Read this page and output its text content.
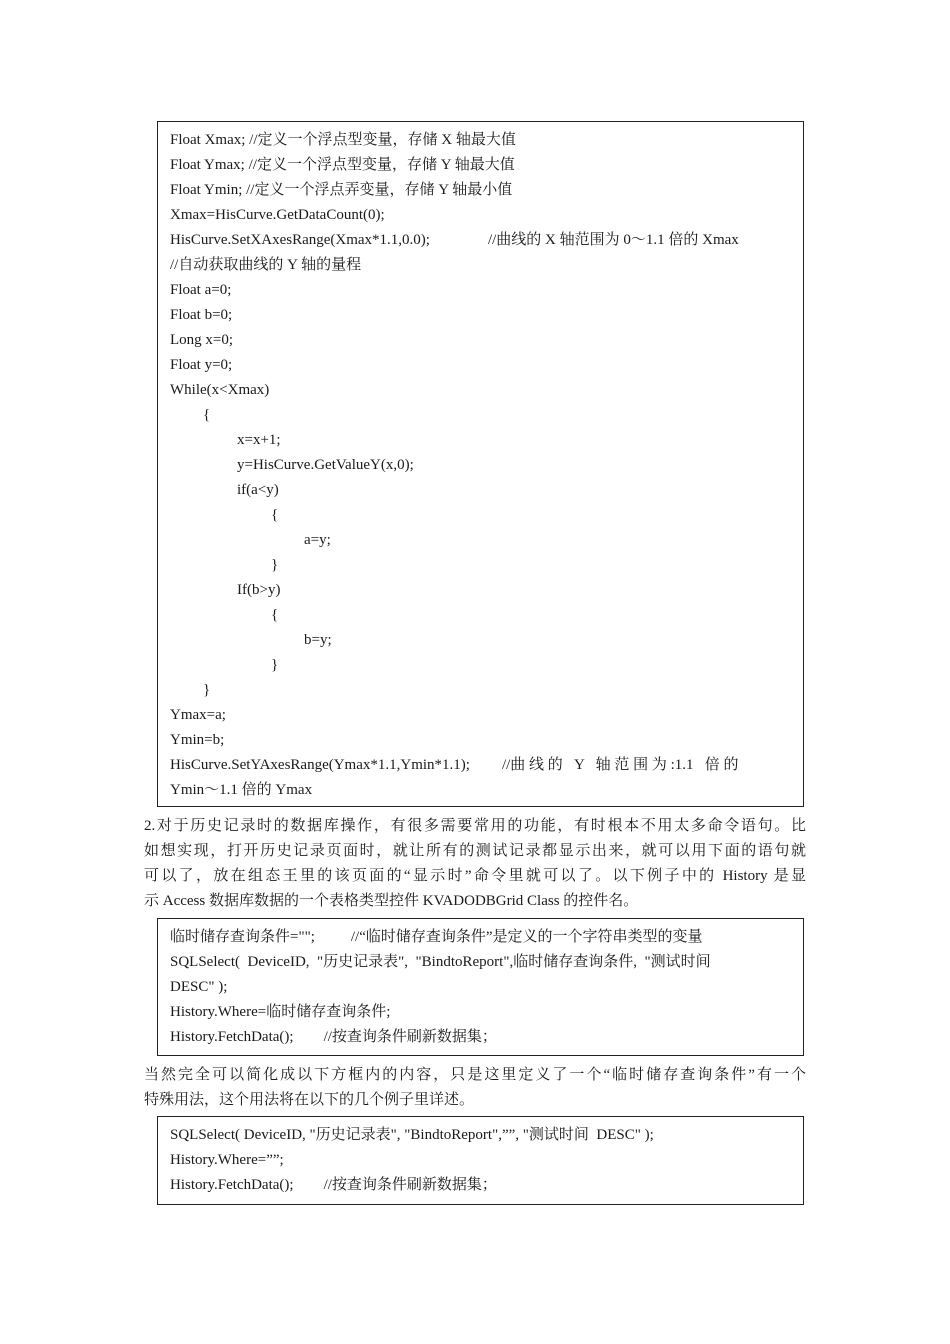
Float Xmax; //定义一个浮点型变量，存储 X 轴最大值
Float Ymax; //定义一个浮点型变量，存储 Y 轴最大值
Float Ymin; //定义一个浮点弄变量，存储 Y 轴最小值
Xmax=HisCurve.GetDataCount(0);
HisCurve.SetXAxesRange(Xmax*1.1,0.0);	//曲线的 X 轴范围为 0～1.1 倍的 Xmax
//自动获取曲线的 Y 轴的量程
Float a=0;
Float b=0;
Long x=0;
Float y=0;
While(x<Xmax)
{
x=x+1;
y=HisCurve.GetValueY(x,0);
if(a<y)
{
a=y;
}
If(b>y)
{
b=y;
}
}
Ymax=a;
Ymin=b;
HisCurve.SetYAxesRange(Ymax*1.1,Ymin*1.1); //曲 线 的   Y   轴 范 围 为 :1.1   倍 的
Ymin～1.1 倍的 Ymax
2.对于历史记录时的数据库操作，有很多需要常用的功能，有时根本不用太多命令语句。比
如想实现，打开历史记录页面时，就让所有的测试记录都显示出来，就可以用下面的语句就
可以了，放在组态王里的该页面的“显示时”命令里就可以了。以下例子中的 History 是显
示 Access 数据库数据的一个表格类型控件 KVADODBGrid Class 的控件名。
临时储存查询条件=""; //“临时储存查询条件”是定义的一个字符串类型的变量
SQLSelect(  DeviceID,  "历史记录表",  "BindtoReport",临时储存查询条件,  "测试时间
DESC" );
History.Where=临时储存查询条件;
History.FetchData(); //按查询条件刷新数据集；
当然完全可以简化成以下方框内的内容，只是这里定义了一个“临时储存查询条件”有一个
特殊用法，这个用法将在以下的几个例子里详述。
SQLSelect( DeviceID, "历史记录表", "BindtoReport",””, "测试时间  DESC" );
History.Where=””;
History.FetchData(); //按查询条件刷新数据集；
